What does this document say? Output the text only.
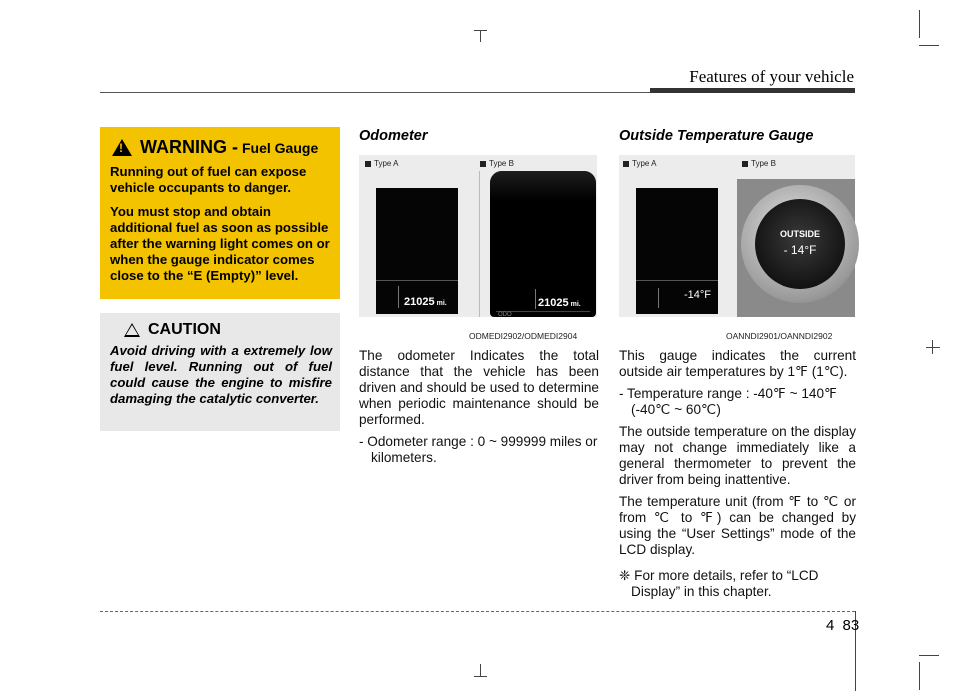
Features of your vehicle
!
WARNING - Fuel Gauge

Running out of fuel can expose vehicle occupants to danger.

You must stop and obtain additional fuel as soon as possible after the warning light comes on or when the gauge indicator comes close to the “E (Empty)” level.

CAUTION

Avoid driving with a extremely low fuel level. Running out of fuel could cause the engine to misfire damaging the catalytic converter.

Odometer
Type A	Type B
21025 mi.
ODO
21025 mi.
ODMEDI2902/ODMEDI2904

The odometer Indicates the total distance that the vehicle has been driven and should be used to determine when periodic maintenance should be performed.

- Odometer range : 0 ~ 999999 miles or kilometers.

Outside Temperature Gauge
Type A	Type B
-14°F
OUTSIDE
- 14°F
OANNDI2901/OANNDI2902

This gauge indicates the current outside air temperatures by 1℉ (1℃).

- Temperature range : -40℉ ~ 140℉ (-40℃ ~ 60℃)

The outside temperature on the display may not change immediately like a general thermometer to prevent the driver from being inattentive.

The temperature unit (from ℉ to ℃ or from ℃ to ℉) can be changed by using the “User Settings” mode of the LCD display.

❈ For more details, refer to “LCD Display” in this chapter.

4 83
